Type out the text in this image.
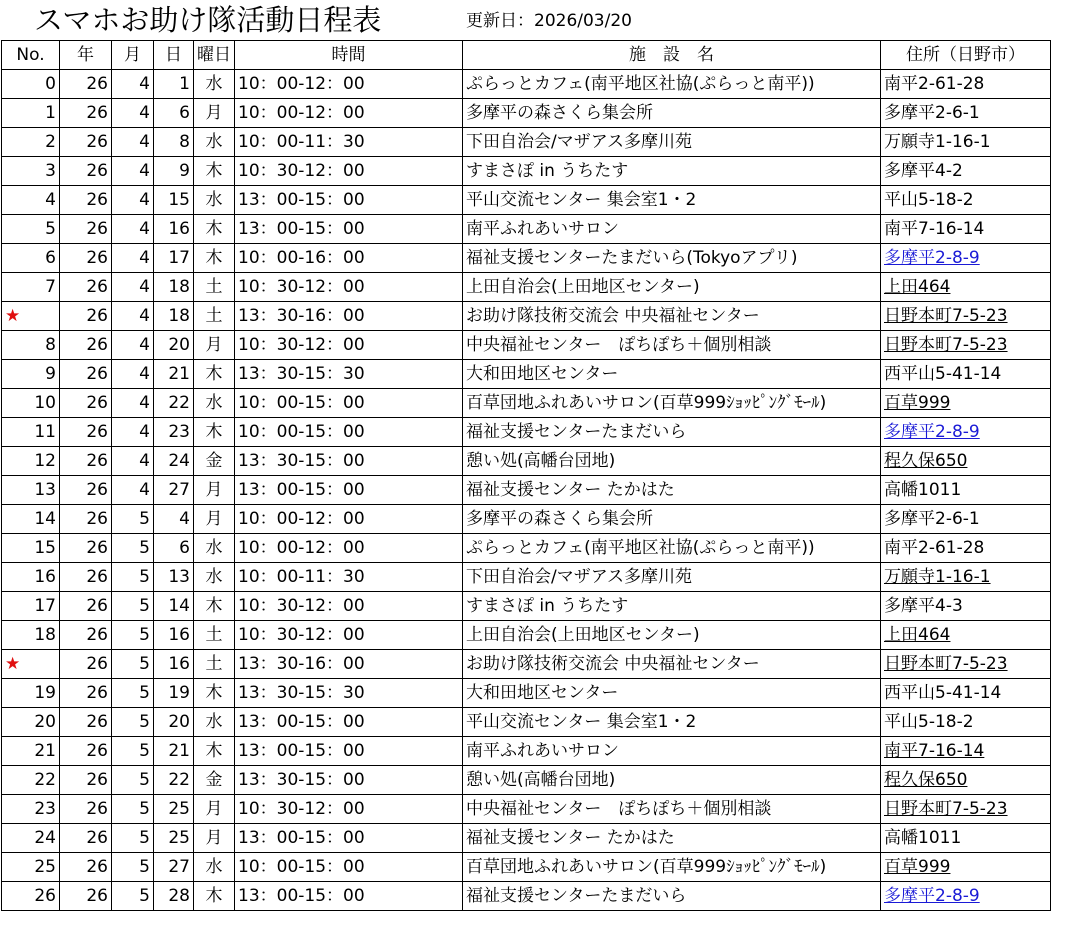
スマホお助け隊活動日程表	更新日：2026/03/20
No.	年	月	日	曜日	時間	施　設　名	住所（日野市）
0	26	4	1	水	10：00-12：00	ぷらっとカフェ(南平地区社協(ぷらっと南平))	南平2-61-28
1	26	4	6	月	10：00-12：00	多摩平の森さくら集会所	多摩平2-6-1
2	26	4	8	水	10：00-11：30	下田自治会/マザアス多摩川苑	万願寺1-16-1
3	26	4	9	木	10：30-12：00	すまさぽ in うちたす	多摩平4-2
4	26	4	15	水	13：00-15：00	平山交流センター 集会室1・2	平山5-18-2
5	26	4	16	木	13：00-15：00	南平ふれあいサロン	南平7-16-14
6	26	4	17	木	10：00-16：00	福祉支援センターたまだいら(Tokyoアプリ)	多摩平2-8-9
7	26	4	18	土	10：30-12：00	上田自治会(上田地区センター)	上田464

★	26	4	18	土	13：30-16：00	お助け隊技術交流会 中央福祉センター	日野本町7-5-23
8	26	4	20	月	10：30-12：00	中央福祉センター　ぽちぽち＋個別相談	日野本町7-5-23
9	26	4	21	木	13：30-15：30	大和田地区センター	西平山5-41-14
10	26	4	22	水	10：00-15：00	百草団地ふれあいサロン(百草999ｼｮｯﾋﾟﾝｸﾞﾓｰﾙ)	百草999
11	26	4	23	木	10：00-15：00	福祉支援センターたまだいら	多摩平2-8-9
12	26	4	24	金	13：30-15：00	憩い処(高幡台団地)	程久保650
13	26	4	27	月	13：00-15：00	福祉支援センター たかはた	高幡1011
14	26	5	4	月	10：00-12：00	多摩平の森さくら集会所	多摩平2-6-1
15	26	5	6	水	10：00-12：00	ぷらっとカフェ(南平地区社協(ぷらっと南平))	南平2-61-28
16	26	5	13	水	10：00-11：30	下田自治会/マザアス多摩川苑	万願寺1-16-1
17	26	5	14	木	10：30-12：00	すまさぽ in うちたす	多摩平4-3
18	26	5	16	土	10：30-12：00	上田自治会(上田地区センター)	上田464

★	26	5	16	土	13：30-16：00	お助け隊技術交流会 中央福祉センター	日野本町7-5-23
19	26	5	19	木	13：30-15：30	大和田地区センター	西平山5-41-14
20	26	5	20	水	13：00-15：00	平山交流センター 集会室1・2	平山5-18-2
21	26	5	21	木	13：00-15：00	南平ふれあいサロン	南平7-16-14
22	26	5	22	金	13：30-15：00	憩い処(高幡台団地)	程久保650
23	26	5	25	月	10：30-12：00	中央福祉センター　ぽちぽち＋個別相談	日野本町7-5-23
24	26	5	25	月	13：00-15：00	福祉支援センター たかはた	高幡1011
25	26	5	27	水	10：00-15：00	百草団地ふれあいサロン(百草999ｼｮｯﾋﾟﾝｸﾞﾓｰﾙ)	百草999
26	26	5	28	木	13：00-15：00	福祉支援センターたまだいら	多摩平2-8-9
